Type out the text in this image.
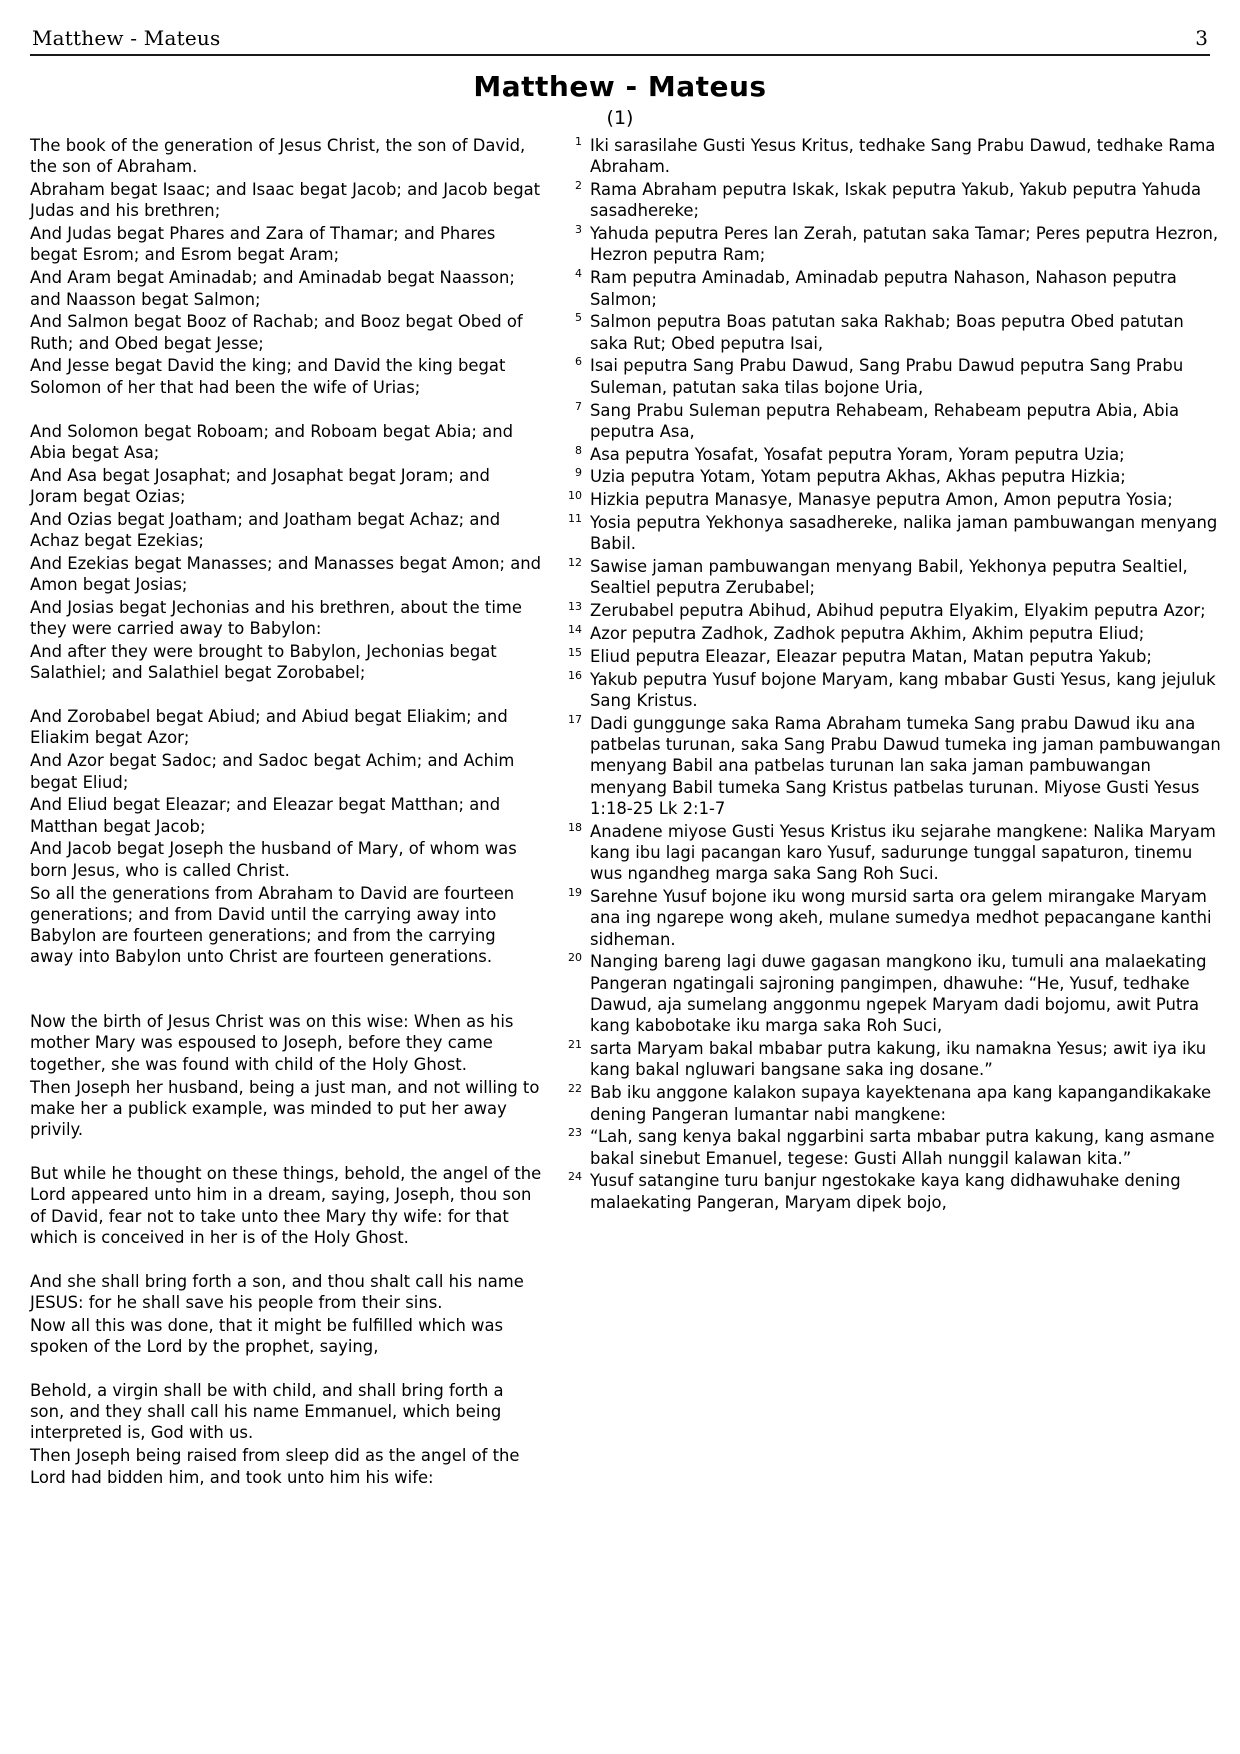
Matthew - Mateus	3
Matthew - Mateus
(1)
The book of the generation of Jesus Christ, the son of David, the son of Abraham.
Abraham begat Isaac; and Isaac begat Jacob; and Jacob begat Judas and his brethren;
And Judas begat Phares and Zara of Thamar; and Phares begat Esrom; and Esrom begat Aram;
And Aram begat Aminadab; and Aminadab begat Naasson; and Naasson begat Salmon;
And Salmon begat Booz of Rachab; and Booz begat Obed of Ruth; and Obed begat Jesse;
And Jesse begat David the king; and David the king begat Solomon of her that had been the wife of Urias;
And Solomon begat Roboam; and Roboam begat Abia; and Abia begat Asa;
And Asa begat Josaphat; and Josaphat begat Joram; and Joram begat Ozias;
And Ozias begat Joatham; and Joatham begat Achaz; and Achaz begat Ezekias;
And Ezekias begat Manasses; and Manasses begat Amon; and Amon begat Josias;
And Josias begat Jechonias and his brethren, about the time they were carried away to Babylon:
And after they were brought to Babylon, Jechonias begat Salathiel; and Salathiel begat Zorobabel;
And Zorobabel begat Abiud; and Abiud begat Eliakim; and Eliakim begat Azor;
And Azor begat Sadoc; and Sadoc begat Achim; and Achim begat Eliud;
And Eliud begat Eleazar; and Eleazar begat Matthan; and Matthan begat Jacob;
And Jacob begat Joseph the husband of Mary, of whom was born Jesus, who is called Christ.
So all the generations from Abraham to David are fourteen generations; and from David until the carrying away into Babylon are fourteen generations; and from the carrying away into Babylon unto Christ are fourteen generations.
Now the birth of Jesus Christ was on this wise: When as his mother Mary was espoused to Joseph, before they came together, she was found with child of the Holy Ghost.
Then Joseph her husband, being a just man, and not willing to make her a publick example, was minded to put her away privily.
But while he thought on these things, behold, the angel of the Lord appeared unto him in a dream, saying, Joseph, thou son of David, fear not to take unto thee Mary thy wife: for that which is conceived in her is of the Holy Ghost.
And she shall bring forth a son, and thou shalt call his name JESUS: for he shall save his people from their sins.
Now all this was done, that it might be fulfilled which was spoken of the Lord by the prophet, saying,
Behold, a virgin shall be with child, and shall bring forth a son, and they shall call his name Emmanuel, which being interpreted is, God with us.
Then Joseph being raised from sleep did as the angel of the Lord had bidden him, and took unto him his wife:
1 Iki sarasilahe Gusti Yesus Kritus, tedhake Sang Prabu Dawud, tedhake Rama Abraham.
2 Rama Abraham peputra Iskak, Iskak peputra Yakub, Yakub peputra Yahuda sasadhereke;
3 Yahuda peputra Peres lan Zerah, patutan saka Tamar; Peres peputra Hezron, Hezron peputra Ram;
4 Ram peputra Aminadab, Aminadab peputra Nahason, Nahason peputra Salmon;
5 Salmon peputra Boas patutan saka Rakhab; Boas peputra Obed patutan saka Rut; Obed peputra Isai,
6 Isai peputra Sang Prabu Dawud, Sang Prabu Dawud peputra Sang Prabu Suleman, patutan saka tilas bojone Uria,
7 Sang Prabu Suleman peputra Rehabeam, Rehabeam peputra Abia, Abia peputra Asa,
8 Asa peputra Yosafat, Yosafat peputra Yoram, Yoram peputra Uzia;
9 Uzia peputra Yotam, Yotam peputra Akhas, Akhas peputra Hizkia;
10 Hizkia peputra Manasye, Manasye peputra Amon, Amon peputra Yosia;
11 Yosia peputra Yekhonya sasadhereke, nalika jaman pambuwangan menyang Babil.
12 Sawise jaman pambuwangan menyang Babil, Yekhonya peputra Sealtiel, Sealtiel peputra Zerubabel;
13 Zerubabel peputra Abihud, Abihud peputra Elyakim, Elyakim peputra Azor;
14 Azor peputra Zadhok, Zadhok peputra Akhim, Akhim peputra Eliud;
15 Eliud peputra Eleazar, Eleazar peputra Matan, Matan peputra Yakub;
16 Yakub peputra Yusuf bojone Maryam, kang mbabar Gusti Yesus, kang jejuluk Sang Kristus.
17 Dadi gunggunge saka Rama Abraham tumeka Sang prabu Dawud iku ana patbelas turunan, saka Sang Prabu Dawud tumeka ing jaman pambuwangan menyang Babil ana patbelas turunan lan saka jaman pambuwangan menyang Babil tumeka Sang Kristus patbelas turunan. Miyose Gusti Yesus 1:18-25 Lk 2:1-7
18 Anadene miyose Gusti Yesus Kristus iku sejarahe mangkene: Nalika Maryam kang ibu lagi pacangan karo Yusuf, sadurunge tunggal sapaturon, tinemu wus ngandheg marga saka Sang Roh Suci.
19 Sarehne Yusuf bojone iku wong mursid sarta ora gelem mirangake Maryam ana ing ngarepe wong akeh, mulane sumedya medhot pepacangane kanthi sidheman.
20 Nanging bareng lagi duwe gagasan mangkono iku, tumuli ana malaekating Pangeran ngatingali sajroning pangimpen, dhawuhe: “He, Yusuf, tedhake Dawud, aja sumelang anggonmu ngepek Maryam dadi bojomu, awit Putra kang kabobotake iku marga saka Roh Suci,
21 sarta Maryam bakal mbabar putra kakung, iku namakna Yesus; awit iya iku kang bakal ngluwari bangsane saka ing dosane.”
22 Bab iku anggone kalakon supaya kayektenana apa kang kapangandikakake dening Pangeran lumantar nabi mangkene:
23 “Lah, sang kenya bakal nggarbini sarta mbabar putra kakung, kang asmane bakal sinebut Emanuel, tegese: Gusti Allah nunggil kalawan kita.”
24 Yusuf satangine turu banjur ngestokake kaya kang didhawuhake dening malaekating Pangeran, Maryam dipek bojo,
